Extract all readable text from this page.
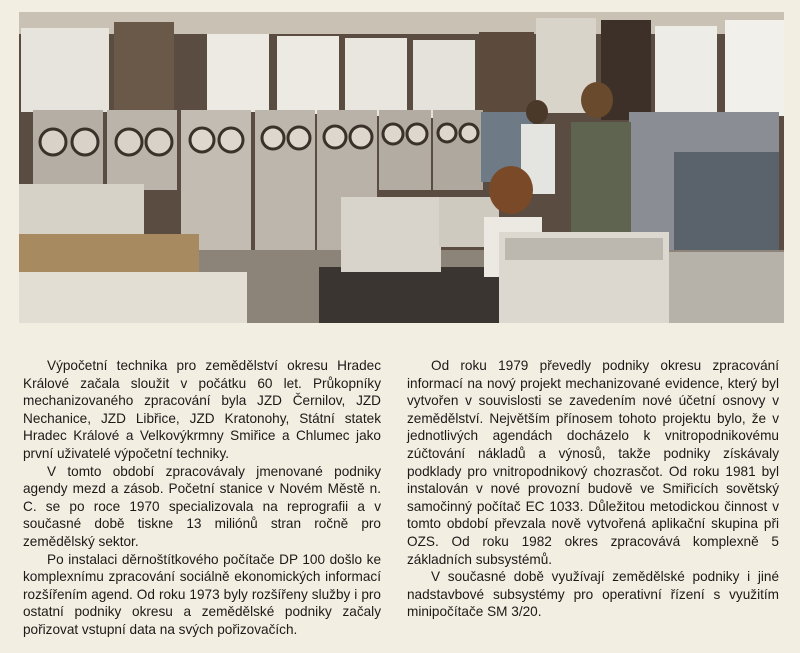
Výpočetní technika pro zemědělství okresu Hradec Králové začala sloužit v počátku 60 let. Průkopníky mechanizovaného zpracování byla JZD Černilov, JZD Nechanice, JZD Libřice, JZD Kratonohy, Státní statek Hradec Králové a Velkovýkrmny Smiřice a Chlumec jako první uživatelé výpočetní techniky.

V tomto období zpracovávaly jmenované podniky agendy mezd a zásob. Početní stanice v Novém Městě n. C. se po roce 1970 specializovala na reprografii a v současné době tiskne 13 miliónů stran ročně pro zemědělský sektor.

Po instalaci děrnoštítkového počítače DP 100 došlo ke komplexnímu zpracování sociálně ekonomických informací rozšířením agend. Od roku 1973 byly rozšířeny služby i pro ostatní podniky okresu a zemědělské podniky začaly pořizovat vstupní data na svých pořizovačích.

Od roku 1979 převedly podniky okresu zpracování informací na nový projekt mechanizované evidence, který byl vytvořen v souvislosti se zavedením nové účetní osnovy v zemědělství. Největším přínosem tohoto projektu bylo, že v jednotlivých agendách docházelo k vnitropodnikovému zúčtování nákladů a výnosů, takže podniky získávaly podklady pro vnitropodnikový chozrasčot. Od roku 1981 byl instalován v nové provozní budově ve Smiřicích sovětský samočinný počítač EC 1033. Důležitou metodickou činnost v tomto období převzala nově vytvořená aplikační skupina při OZS. Od roku 1982 okres zpracovává komplexně 5 základních subsystémů.

V současné době využívají zemědělské podniky i jiné nadstavbové subsystémy pro operativní řízení s využitím minipočítače SM 3/20.
